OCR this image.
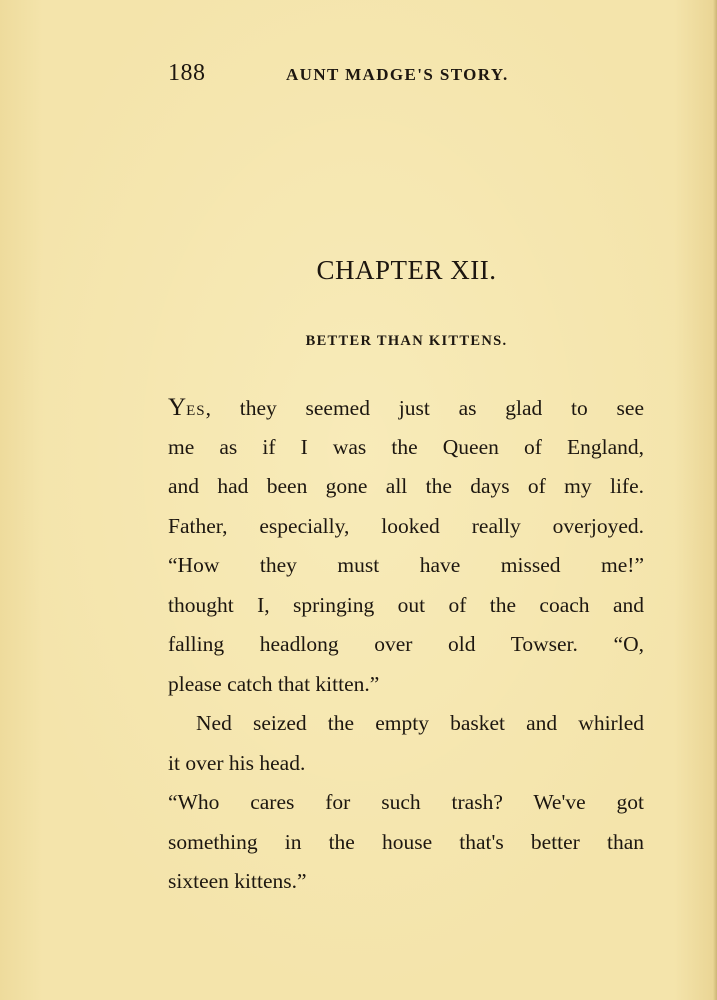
188	AUNT MADGE'S STORY.
CHAPTER XII.
BETTER THAN KITTENS.
Yes, they seemed just as glad to see
me as if I was the Queen of England,
and had been gone all the days of my life.
Father, especially, looked really overjoyed.
“How they must have missed me!”
thought I, springing out of the coach and
falling headlong over old Towser. “O,
please catch that kitten.”
Ned seized the empty basket and whirled
it over his head.
“Who cares for such trash? We've got
something in the house that's better than
sixteen kittens.”
